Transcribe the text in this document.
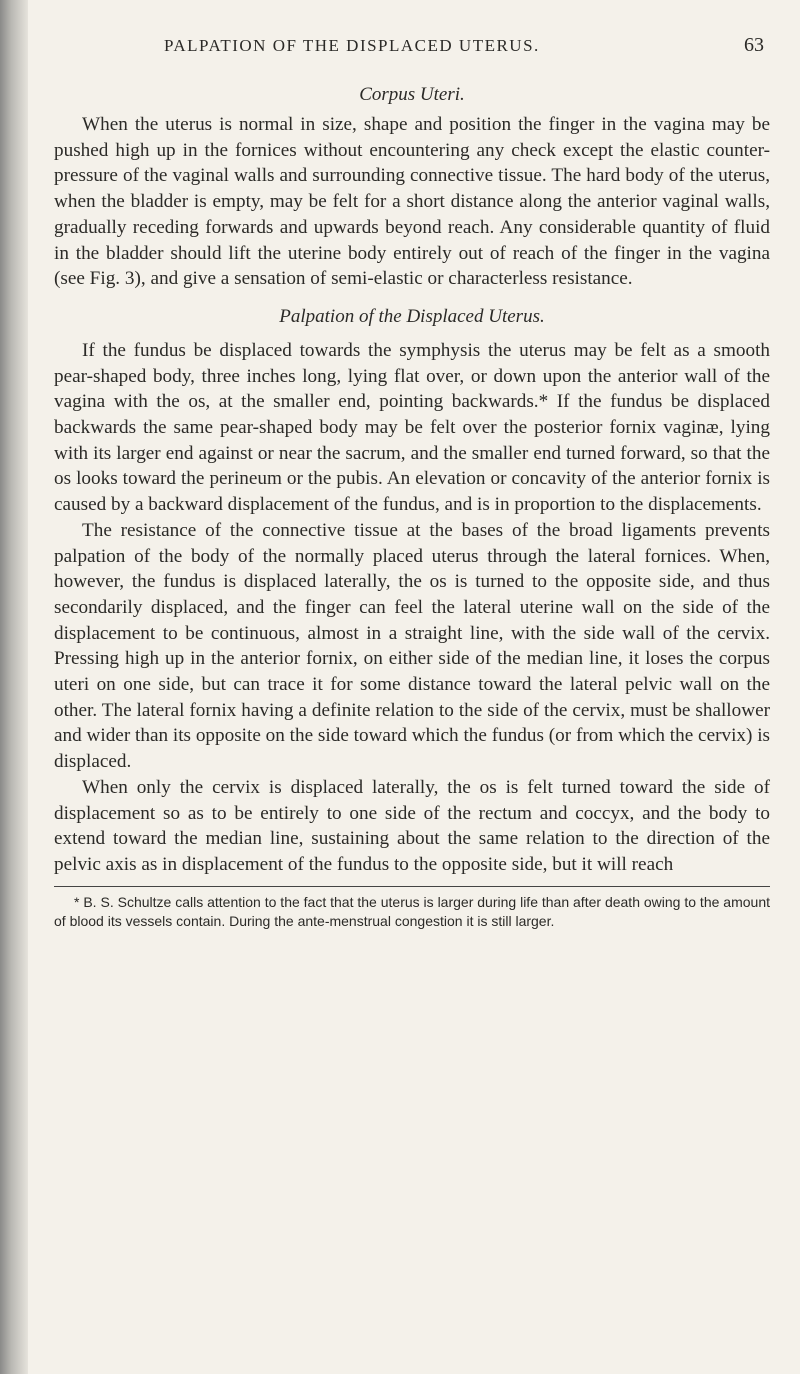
PALPATION OF THE DISPLACED UTERUS.	63
Corpus Uteri.

When the uterus is normal in size, shape and position the finger in the vagina may be pushed high up in the fornices without encountering any check except the elastic counter-pressure of the vaginal walls and surrounding connective tissue. The hard body of the uterus, when the bladder is empty, may be felt for a short distance along the anterior vaginal walls, gradually receding forwards and upwards beyond reach. Any considerable quantity of fluid in the bladder should lift the uterine body entirely out of reach of the finger in the vagina (see Fig. 3), and give a sensation of semi-elastic or characterless resistance.

Palpation of the Displaced Uterus.

If the fundus be displaced towards the symphysis the uterus may be felt as a smooth pear-shaped body, three inches long, lying flat over, or down upon the anterior wall of the vagina with the os, at the smaller end, pointing backwards.* If the fundus be displaced backwards the same pear-shaped body may be felt over the posterior fornix vaginæ, lying with its larger end against or near the sacrum, and the smaller end turned forward, so that the os looks toward the perineum or the pubis. An elevation or concavity of the anterior fornix is caused by a backward displacement of the fundus, and is in proportion to the displacements.

The resistance of the connective tissue at the bases of the broad ligaments prevents palpation of the body of the normally placed uterus through the lateral fornices. When, however, the fundus is displaced laterally, the os is turned to the opposite side, and thus secondarily displaced, and the finger can feel the lateral uterine wall on the side of the displacement to be continuous, almost in a straight line, with the side wall of the cervix. Pressing high up in the anterior fornix, on either side of the median line, it loses the corpus uteri on one side, but can trace it for some distance toward the lateral pelvic wall on the other. The lateral fornix having a definite relation to the side of the cervix, must be shallower and wider than its opposite on the side toward which the fundus (or from which the cervix) is displaced.

When only the cervix is displaced laterally, the os is felt turned toward the side of displacement so as to be entirely to one side of the rectum and coccyx, and the body to extend toward the median line, sustaining about the same relation to the direction of the pelvic axis as in displacement of the fundus to the opposite side, but it will reach

* B. S. Schultze calls attention to the fact that the uterus is larger during life than after death owing to the amount of blood its vessels contain. During the ante-menstrual congestion it is still larger.
